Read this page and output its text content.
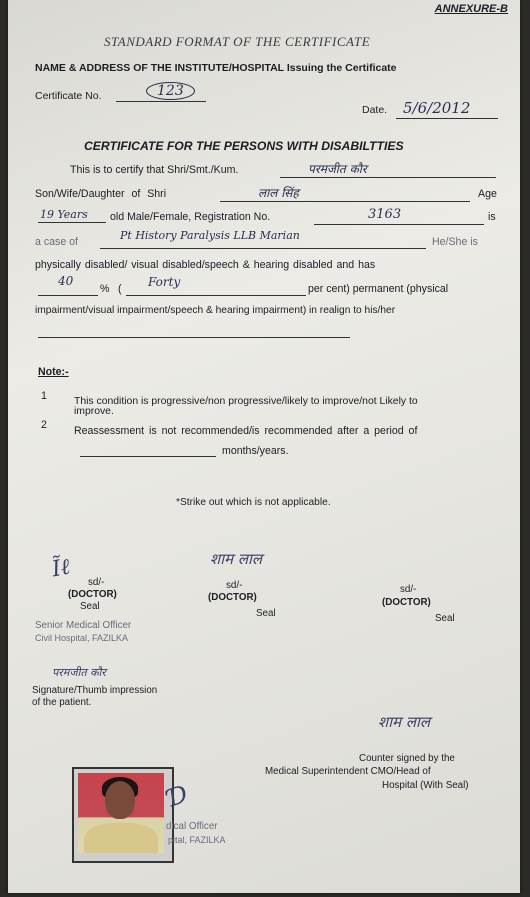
ANNEXURE-B
STANDARD FORMAT OF THE CERTIFICATE
NAME & ADDRESS OF THE INSTITUTE/HOSPITAL Issuing the Certificate
Certificate No.	123
Date. 5/6/2012
CERTIFICATE FOR THE PERSONS WITH DISABILTTIES
This is to certify that Shri/Smt./Kum.	परमजीत कौर
Son/Wife/Daughter of Shri	लाल सिंह	Age
19 Years old Male/Female, Registration No.	3163	is
a case of	Pt History Paralysis LLB Marian	He/She is
physically disabled/ visual disabled/speech & hearing disabled and has
40
% ( Forty	per cent) permanent (physical
impairment/visual impairment/speech & hearing impairment) in realign to his/her
Note:-
1	This condition is progressive/non progressive/likely to improve/not Likely to
improve.
2	Reassessment is not recommended/is recommended after a period of
months/years.
*Strike out which is not applicable.
Ĩℓ
sd/-
(DOCTOR)
Seal
Senior Medical Officer
Civil Hospital, FAZILKA
शाम लाल
sd/-
(DOCTOR)
Seal
sd/-
(DOCTOR)
Seal
परमजीत कौर
Signature/Thumb impression
of the patient.
शाम लाल
Counter signed by the
Medical Superintendent CMO/Head of
Hospital (With Seal)
dical Officer
pital, FAZILKA
Ɗ
